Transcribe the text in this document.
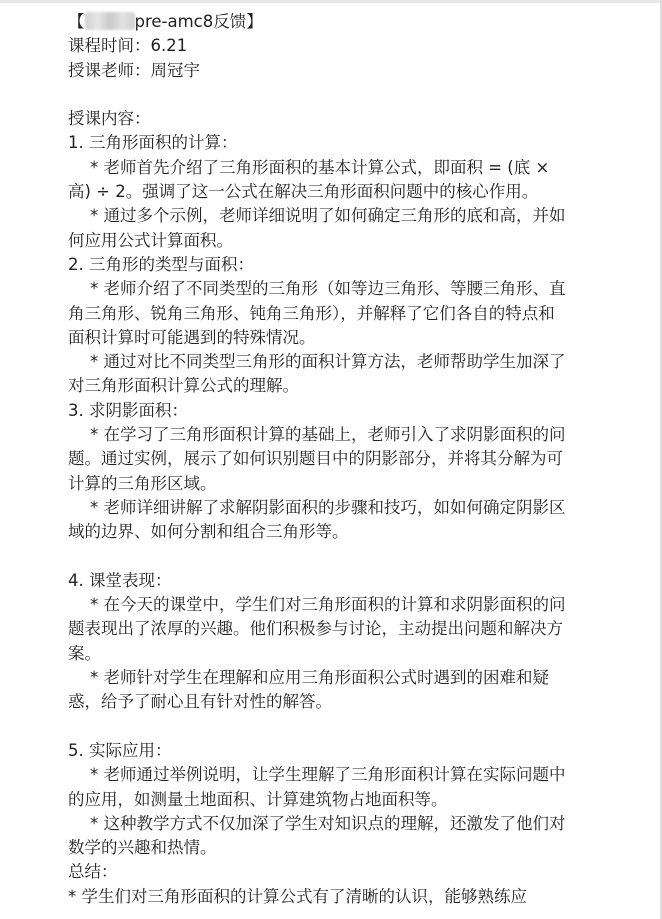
【	pre-amc8反馈】
课程时间：6.21
授课老师：周冠宇
授课内容：
1. 三角形面积的计算：
* 老师首先介绍了三角形面积的基本计算公式，即面积 = (底 × 高) ÷ 2。强调了这一公式在解决三角形面积问题中的核心作用。
* 通过多个示例，老师详细说明了如何确定三角形的底和高，并如何应用公式计算面积。
2. 三角形的类型与面积：
* 老师介绍了不同类型的三角形（如等边三角形、等腰三角形、直角三角形、锐角三角形、钝角三角形），并解释了它们各自的特点和面积计算时可能遇到的特殊情况。
* 通过对比不同类型三角形的面积计算方法，老师帮助学生加深了对三角形面积计算公式的理解。
3. 求阴影面积：
* 在学习了三角形面积计算的基础上，老师引入了求阴影面积的问题。通过实例，展示了如何识别题目中的阴影部分，并将其分解为可计算的三角形区域。
* 老师详细讲解了求解阴影面积的步骤和技巧，如如何确定阴影区域的边界、如何分割和组合三角形等。
4. 课堂表现：
* 在今天的课堂中，学生们对三角形面积的计算和求阴影面积的问题表现出了浓厚的兴趣。他们积极参与讨论，主动提出问题和解决方案。
* 老师针对学生在理解和应用三角形面积公式时遇到的困难和疑惑，给予了耐心且有针对性的解答。
5. 实际应用：
* 老师通过举例说明，让学生理解了三角形面积计算在实际问题中的应用，如测量土地面积、计算建筑物占地面积等。
* 这种教学方式不仅加深了学生对知识点的理解，还激发了他们对数学的兴趣和热情。
总结：
* 学生们对三角形面积的计算公式有了清晰的认识，能够熟练应
